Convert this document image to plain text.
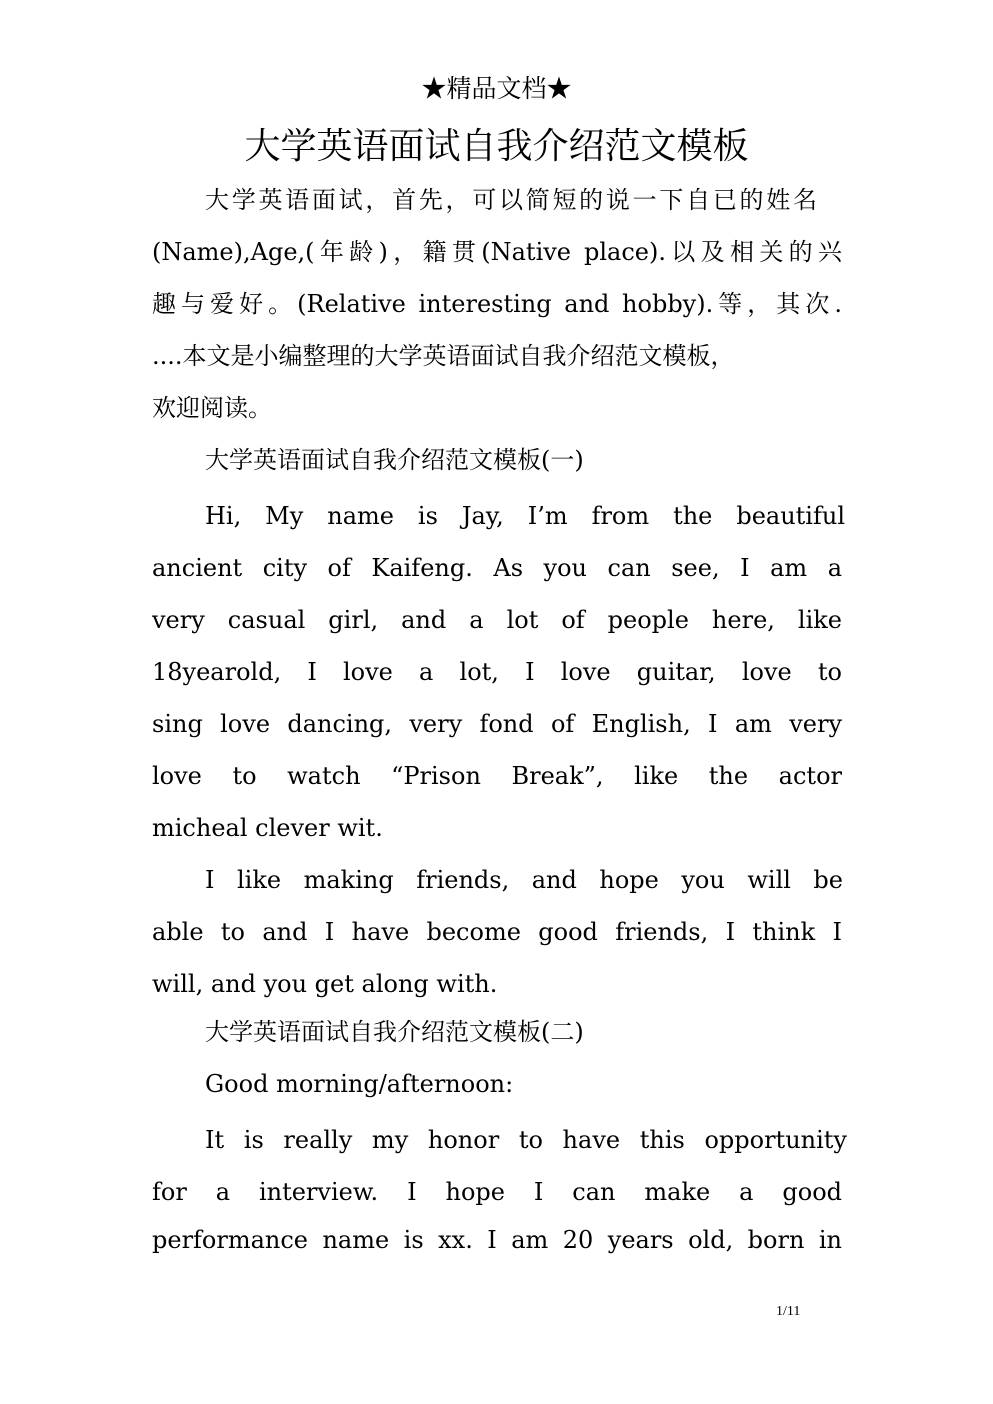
★精品文档★
大学英语面试自我介绍范文模板

大学英语面试，首先，可以简短的说一下自已的姓名

(Name),Age,(年龄)，籍贯(Native place).以及相关的兴

趣与爱好。(Relative interesting and hobby).等，其次.

....本文是小编整理的大学英语面试自我介绍范文模板，

欢迎阅读。

大学英语面试自我介绍范文模板(一)

Hi, My name is Jay, I’m from the beautiful

ancient city of Kaifeng. As you can see, I am a

very casual girl, and a lot of people here, like

18yearold, I love a lot, I love guitar, love to

sing love dancing, very fond of English, I am very

love to watch “Prison Break”, like the actor

micheal clever wit.

I like making friends, and hope you will be

able to and I have become good friends, I think I

will, and you get along with.

大学英语面试自我介绍范文模板(二)

Good morning/afternoon:

It is really my honor to have this opportunity

for a interview. I hope I can make a good

performance name is xx. I am 20 years old, born in

1/11
